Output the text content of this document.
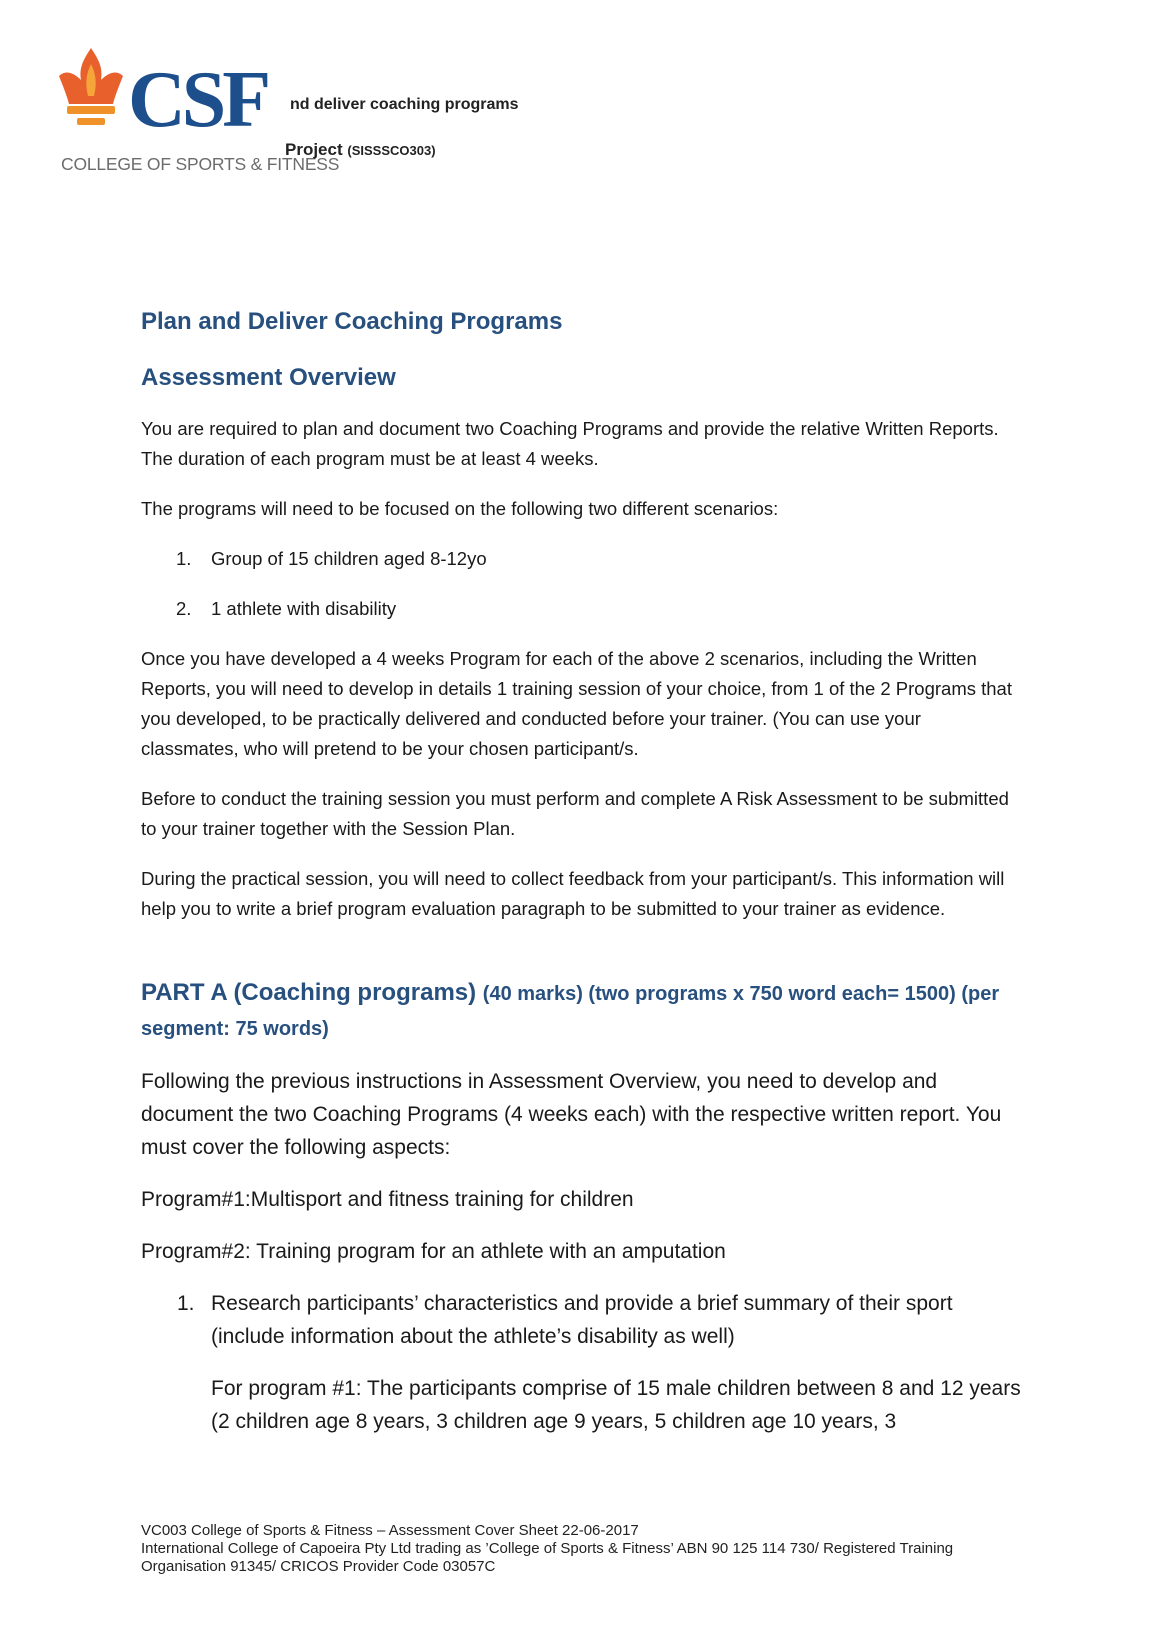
CSF
COLLEGE OF SPORTS & FITNESS
nd deliver coaching programs
Project (SISSSCO303)
Plan and Deliver Coaching Programs
Assessment Overview

You are required to plan and document two Coaching Programs and provide the relative Written Reports. The duration of each program must be at least 4 weeks.

The programs will need to be focused on the following two different scenarios:

1.	Group of 15 children aged 8-12yo
2.	1 athlete with disability

Once you have developed a 4 weeks Program for each of the above 2 scenarios, including the Written Reports, you will need to develop in details 1 training session of your choice, from 1 of the 2 Programs that you developed, to be practically delivered and conducted before your trainer. (You can use your classmates, who will pretend to be your chosen participant/s.

Before to conduct the training session you must perform and complete A Risk Assessment to be submitted to your trainer together with the Session Plan.

During the practical session, you will need to collect feedback from your participant/s. This information will help you to write a brief program evaluation paragraph to be submitted to your trainer as evidence.

PART A (Coaching programs) (40 marks) (two programs x 750 word each= 1500) (per segment: 75 words)

Following the previous instructions in Assessment Overview, you need to develop and document the two Coaching Programs (4 weeks each) with the respective written report. You must cover the following aspects:

Program#1:Multisport and fitness training for children

Program#2: Training program for an athlete with an amputation

1. Research participants’ characteristics and provide a brief summary of their sport (include information about the athlete’s disability as well)

For program #1: The participants comprise of 15 male children between 8 and 12 years (2 children age 8 years, 3 children age 9 years, 5 children age 10 years, 3

VC003 College of Sports & Fitness – Assessment Cover Sheet 22-06-2017
International College of Capoeira Pty Ltd trading as ’College of Sports & Fitness’ ABN 90 125 114 730/ Registered Training Organisation 91345/ CRICOS Provider Code 03057C
